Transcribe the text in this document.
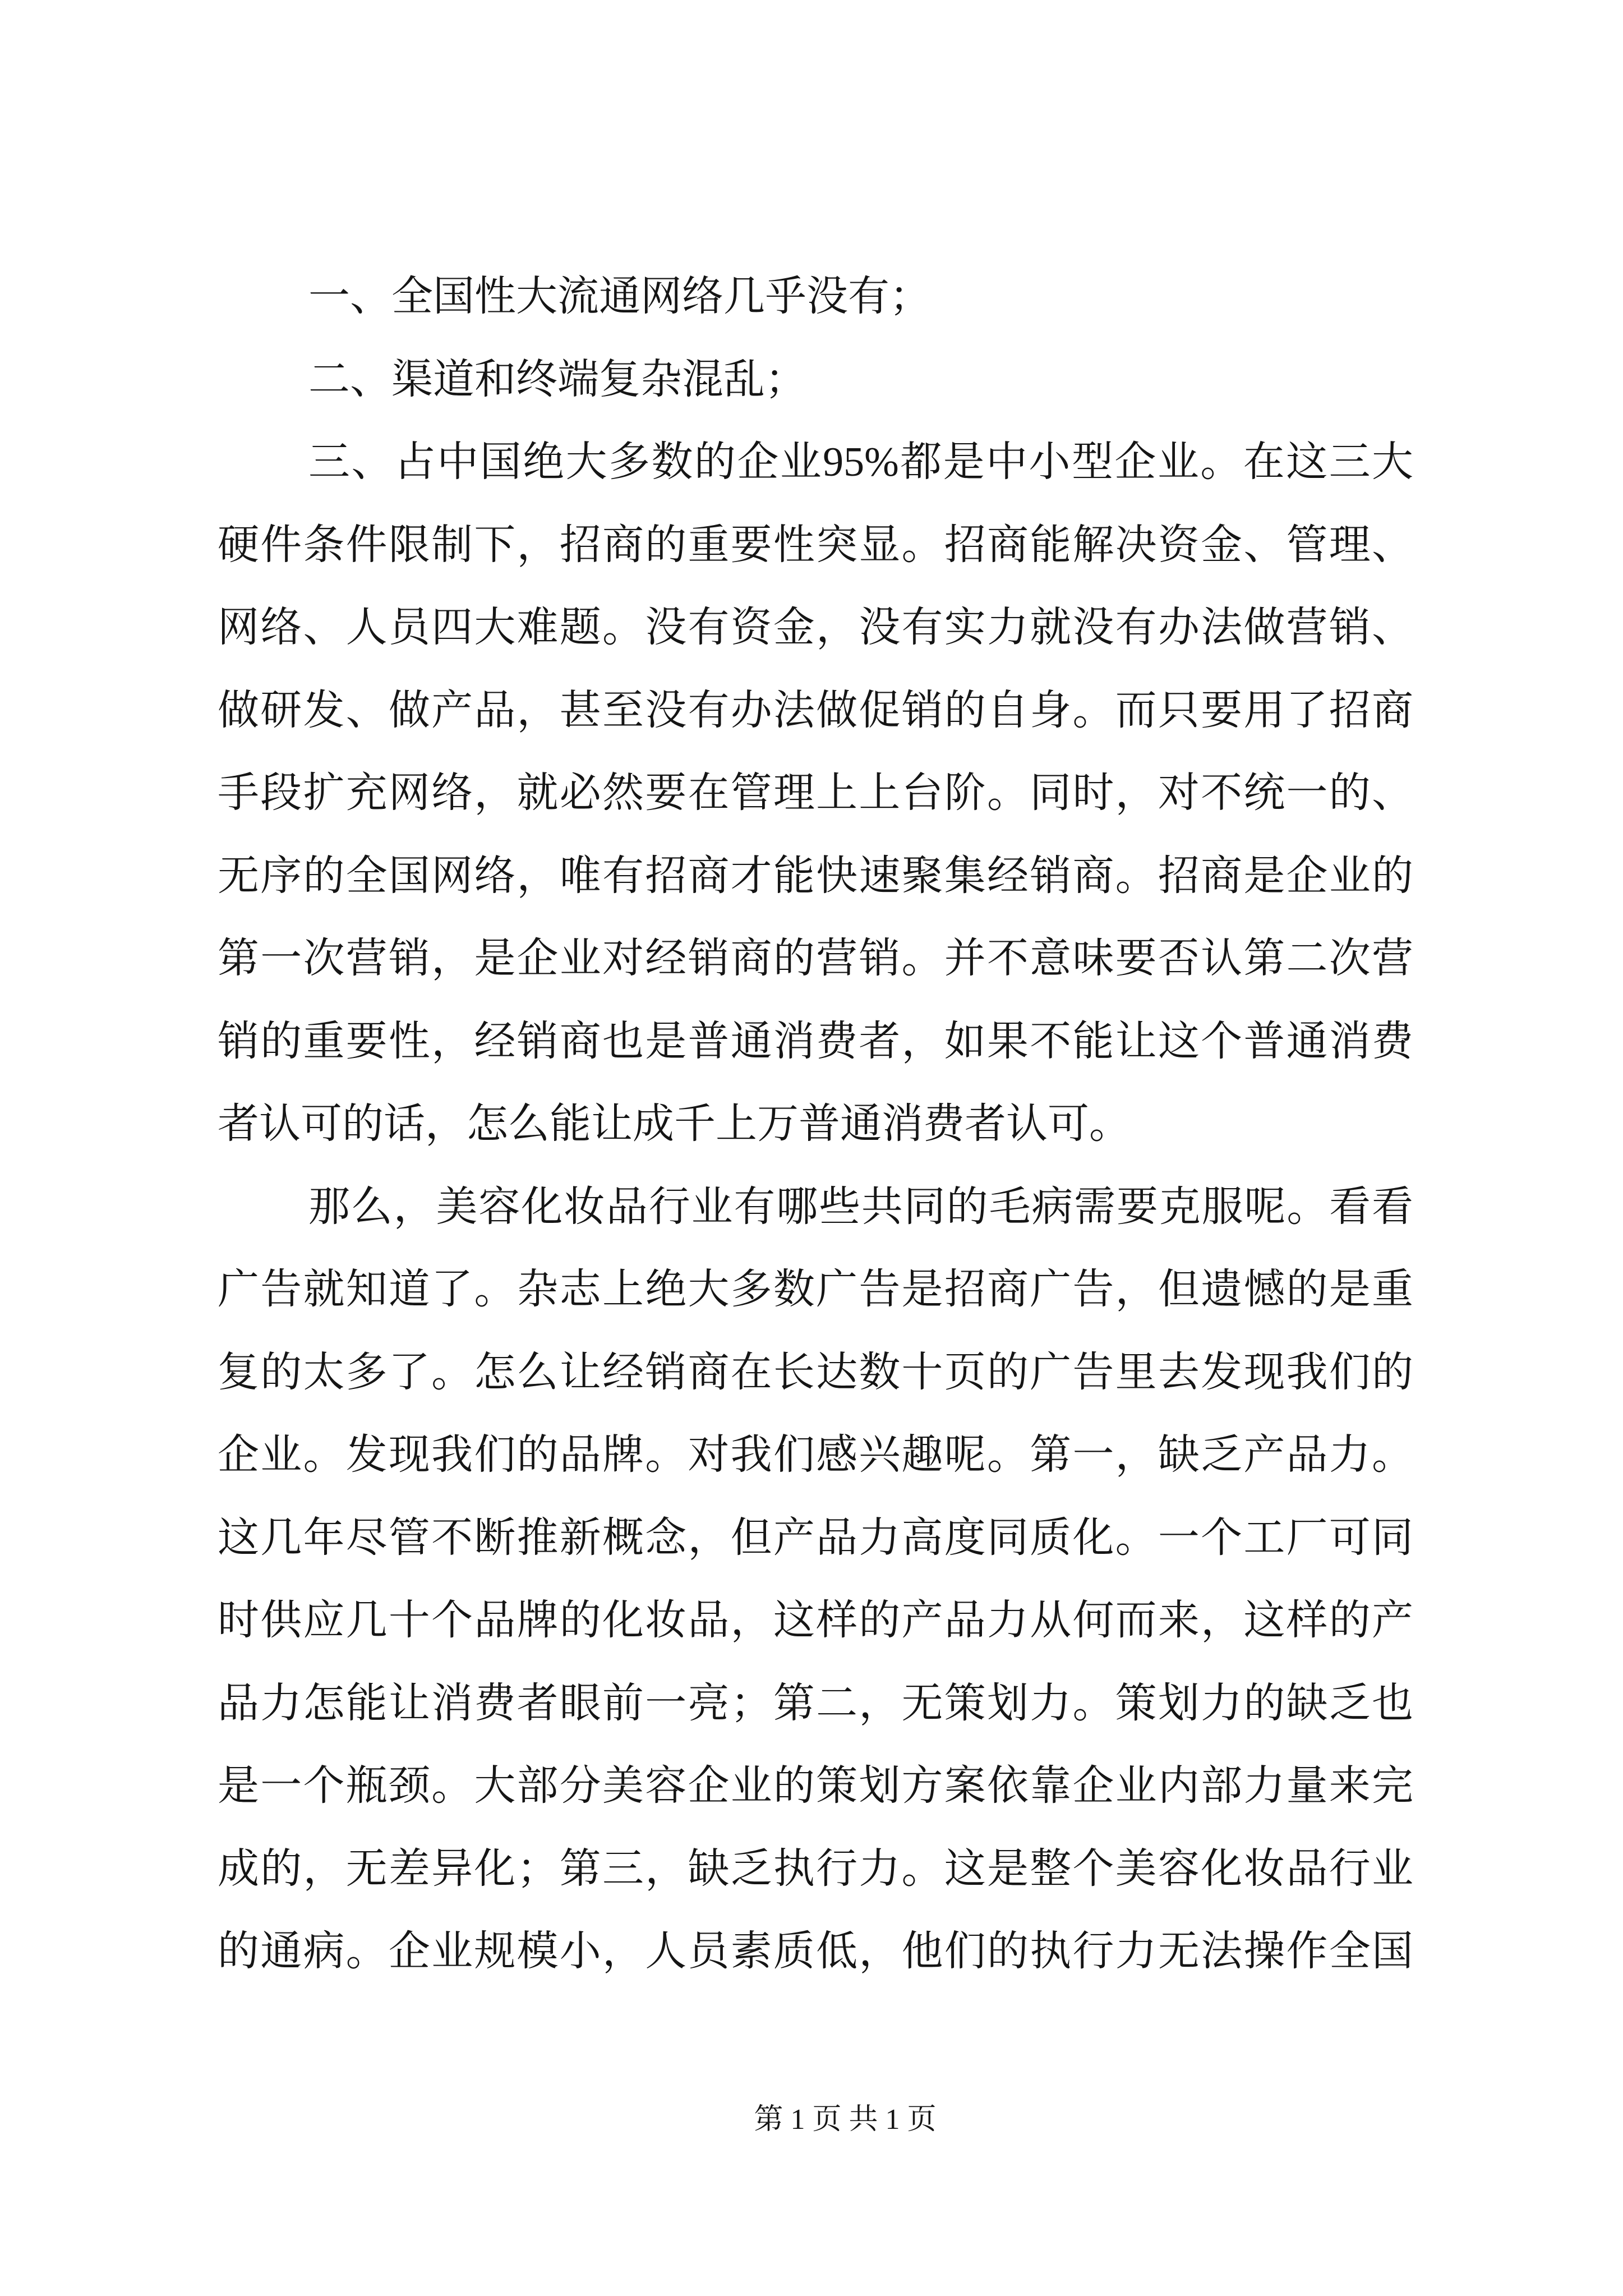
一、全国性大流通网络几乎没有；
二、渠道和终端复杂混乱；
三、占中国绝大多数的企业95%都是中小型企业。在这三大
硬件条件限制下，招商的重要性突显。招商能解决资金、管理、
网络、人员四大难题。没有资金，没有实力就没有办法做营销、
做研发、做产品，甚至没有办法做促销的自身。而只要用了招商
手段扩充网络，就必然要在管理上上台阶。同时，对不统一的、
无序的全国网络，唯有招商才能快速聚集经销商。招商是企业的
第一次营销，是企业对经销商的营销。并不意味要否认第二次营
销的重要性，经销商也是普通消费者，如果不能让这个普通消费
者认可的话，怎么能让成千上万普通消费者认可。
那么，美容化妆品行业有哪些共同的毛病需要克服呢。看看
广告就知道了。杂志上绝大多数广告是招商广告，但遗憾的是重
复的太多了。怎么让经销商在长达数十页的广告里去发现我们的
企业。发现我们的品牌。对我们感兴趣呢。第一，缺乏产品力。
这几年尽管不断推新概念，但产品力高度同质化。一个工厂可同
时供应几十个品牌的化妆品，这样的产品力从何而来，这样的产
品力怎能让消费者眼前一亮；第二，无策划力。策划力的缺乏也
是一个瓶颈。大部分美容企业的策划方案依靠企业内部力量来完
成的，无差异化；第三，缺乏执行力。这是整个美容化妆品行业
的通病。企业规模小，人员素质低，他们的执行力无法操作全国
第 1 页 共 1 页
